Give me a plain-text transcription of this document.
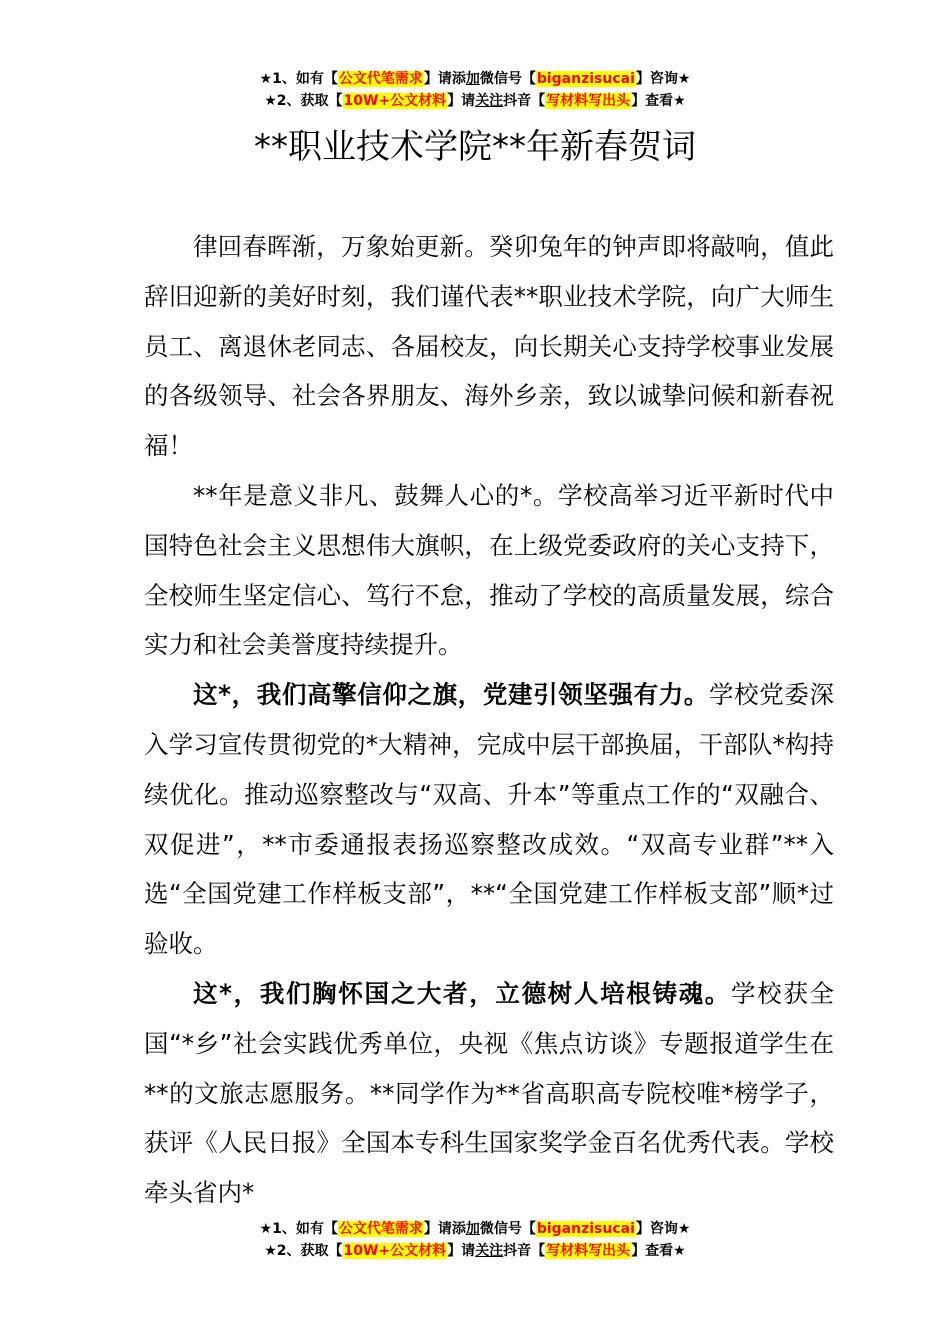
★1、如有【公文代笔需求】请添加微信号【biganzisucai】咨询★
★2、获取【10W+公文材料】请关注抖音【写材料写出头】查看★
**职业技术学院**年新春贺词

律回春晖渐，万象始更新。癸卯兔年的钟声即将敲响，值此辞旧迎新的美好时刻，我们谨代表**职业技术学院，向广大师生员工、离退休老同志、各届校友，向长期关心支持学校事业发展的各级领导、社会各界朋友、海外乡亲，致以诚挚问候和新春祝福！

**年是意义非凡、鼓舞人心的*。学校高举习近平新时代中国特色社会主义思想伟大旗帜，在上级党委政府的关心支持下，全校师生坚定信心、笃行不怠，推动了学校的高质量发展，综合实力和社会美誉度持续提升。

这*，我们高擎信仰之旗，党建引领坚强有力。学校党委深入学习宣传贯彻党的*大精神，完成中层干部换届，干部队*构持续优化。推动巡察整改与“双高、升本”等重点工作的“双融合、双促进”，**市委通报表扬巡察整改成效。“双高专业群”**入选“全国党建工作样板支部”，**“全国党建工作样板支部”顺*过验收。

这*，我们胸怀国之大者，立德树人培根铸魂。学校获全国“*乡”社会实践优秀单位，央视《焦点访谈》专题报道学生在**的文旅志愿服务。**同学作为**省高职高专院校唯*榜学子，获评《人民日报》全国本专科生国家奖学金百名优秀代表。学校牵头省内*

★1、如有【公文代笔需求】请添加微信号【biganzisucai】咨询★
★2、获取【10W+公文材料】请关注抖音【写材料写出头】查看★
